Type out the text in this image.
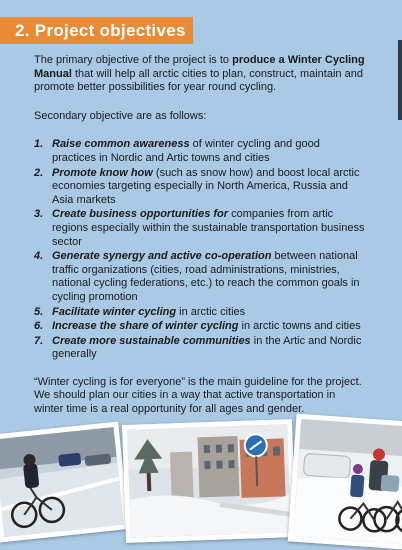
2. Project objectives

The primary objective of the project is to produce a Winter Cycling Manual that will help all arctic cities to plan, construct, maintain and promote better possibilities for year round cycling.

Secondary objective are as follows:

1. Raise common awareness of winter cycling and good practices in Nordic and Artic towns and cities
2. Promote know how (such as snow how) and boost local arctic economies targeting especially in North America, Russia and Asia markets
3. Create business opportunities for companies from artic regions especially within the sustainable transportation business sector
4. Generate synergy and active co-operation between national traffic organizations (cities, road administrations, ministries, national cycling federations, etc.) to reach the common goals in cycling promotion
5. Facilitate winter cycling in arctic cities
6. Increase the share of winter cycling in arctic towns and cities
7. Create more sustainable communities in the Artic and Nordic generally

“Winter cycling is for everyone” is the main guideline for the project. We should plan our cities in a way that active transportation in winter time is a real opportunity for all ages and gender.
